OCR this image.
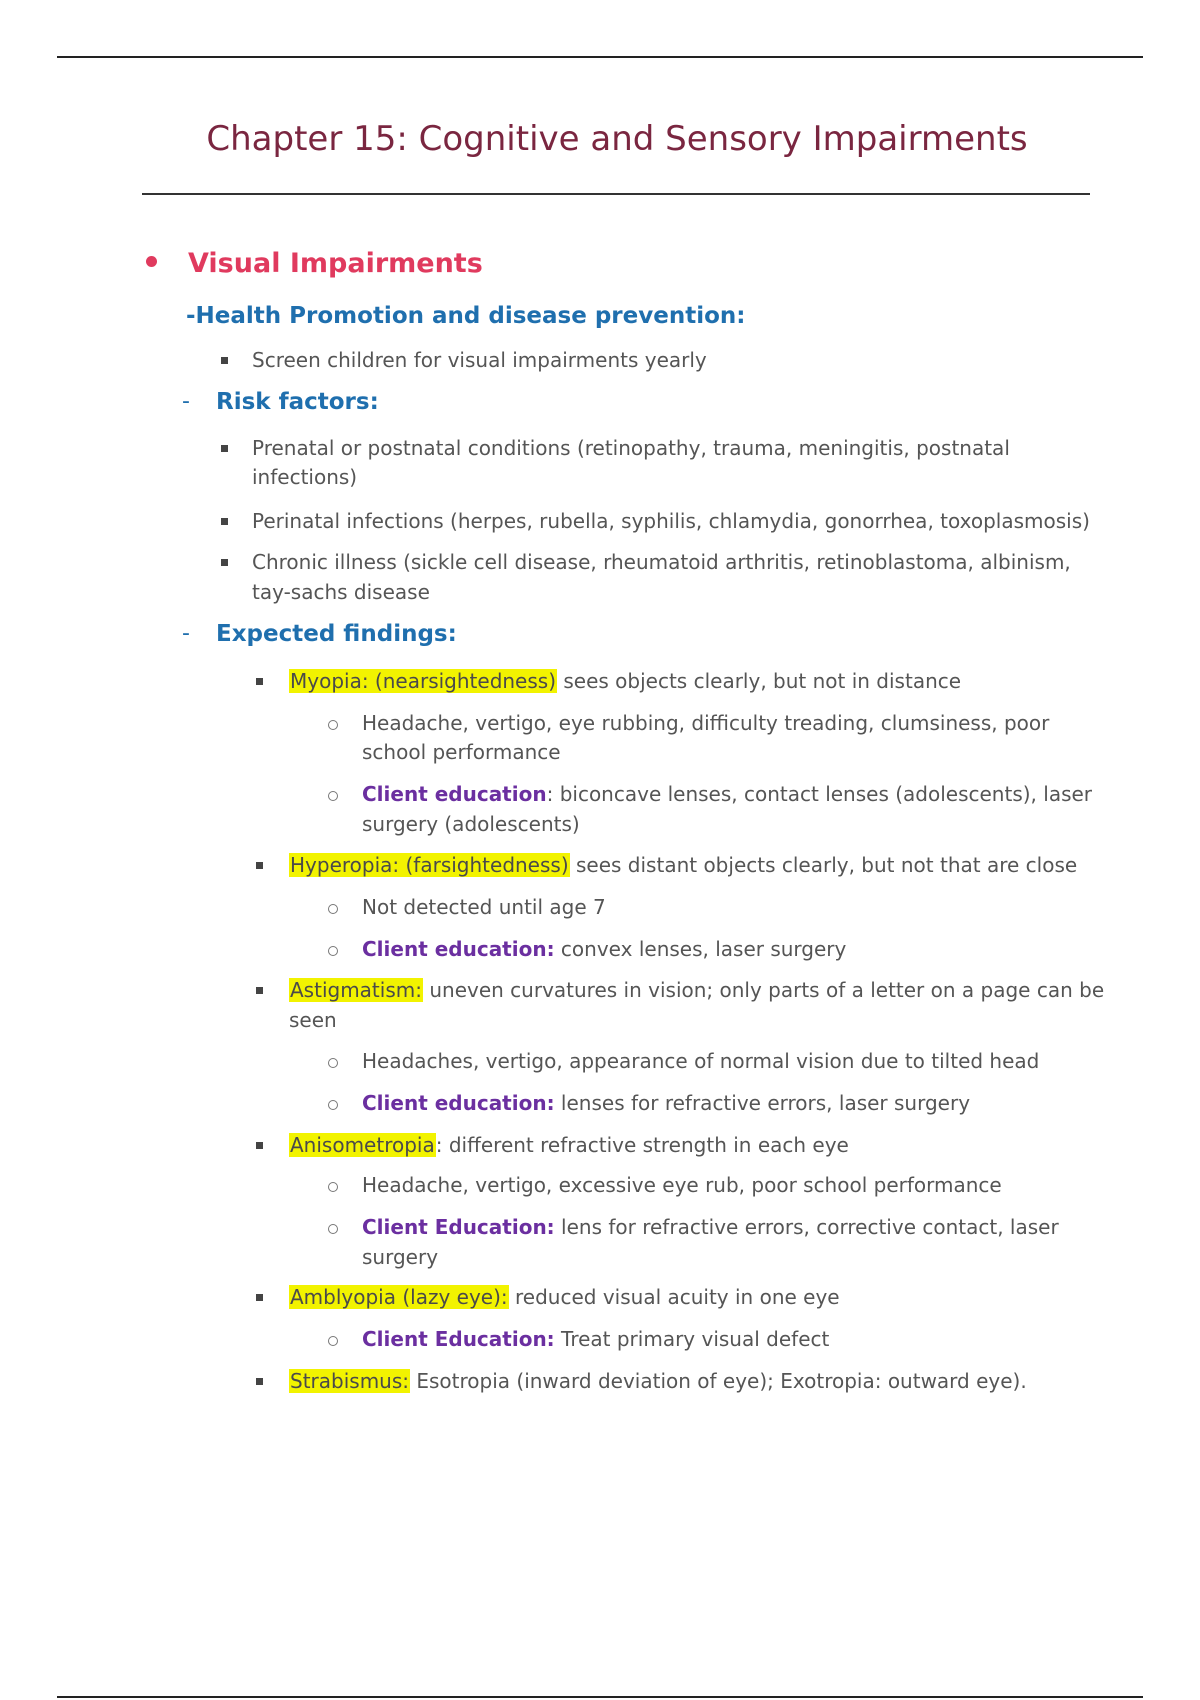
Chapter 15: Cognitive and Sensory Impairments
Visual Impairments
-Health Promotion and disease prevention:
Screen children for visual impairments yearly
- Risk factors:
Prenatal or postnatal conditions (retinopathy, trauma, meningitis, postnatal
infections)
Perinatal infections (herpes, rubella, syphilis, chlamydia, gonorrhea, toxoplasmosis)
Chronic illness (sickle cell disease, rheumatoid arthritis, retinoblastoma, albinism,
tay-sachs disease
- Expected findings:
Myopia: (nearsightedness) sees objects clearly, but not in distance
Headache, vertigo, eye rubbing, difficulty treading, clumsiness, poor
school performance
Client education: biconcave lenses, contact lenses (adolescents), laser
surgery (adolescents)
Hyperopia: (farsightedness) sees distant objects clearly, but not that are close
Not detected until age 7
Client education: convex lenses, laser surgery
Astigmatism: uneven curvatures in vision; only parts of a letter on a page can be
seen
Headaches, vertigo, appearance of normal vision due to tilted head
Client education: lenses for refractive errors, laser surgery
Anisometropia: different refractive strength in each eye
Headache, vertigo, excessive eye rub, poor school performance
Client Education: lens for refractive errors, corrective contact, laser
surgery
Amblyopia (lazy eye): reduced visual acuity in one eye
Client Education: Treat primary visual defect
Strabismus: Esotropia (inward deviation of eye); Exotropia: outward eye).
